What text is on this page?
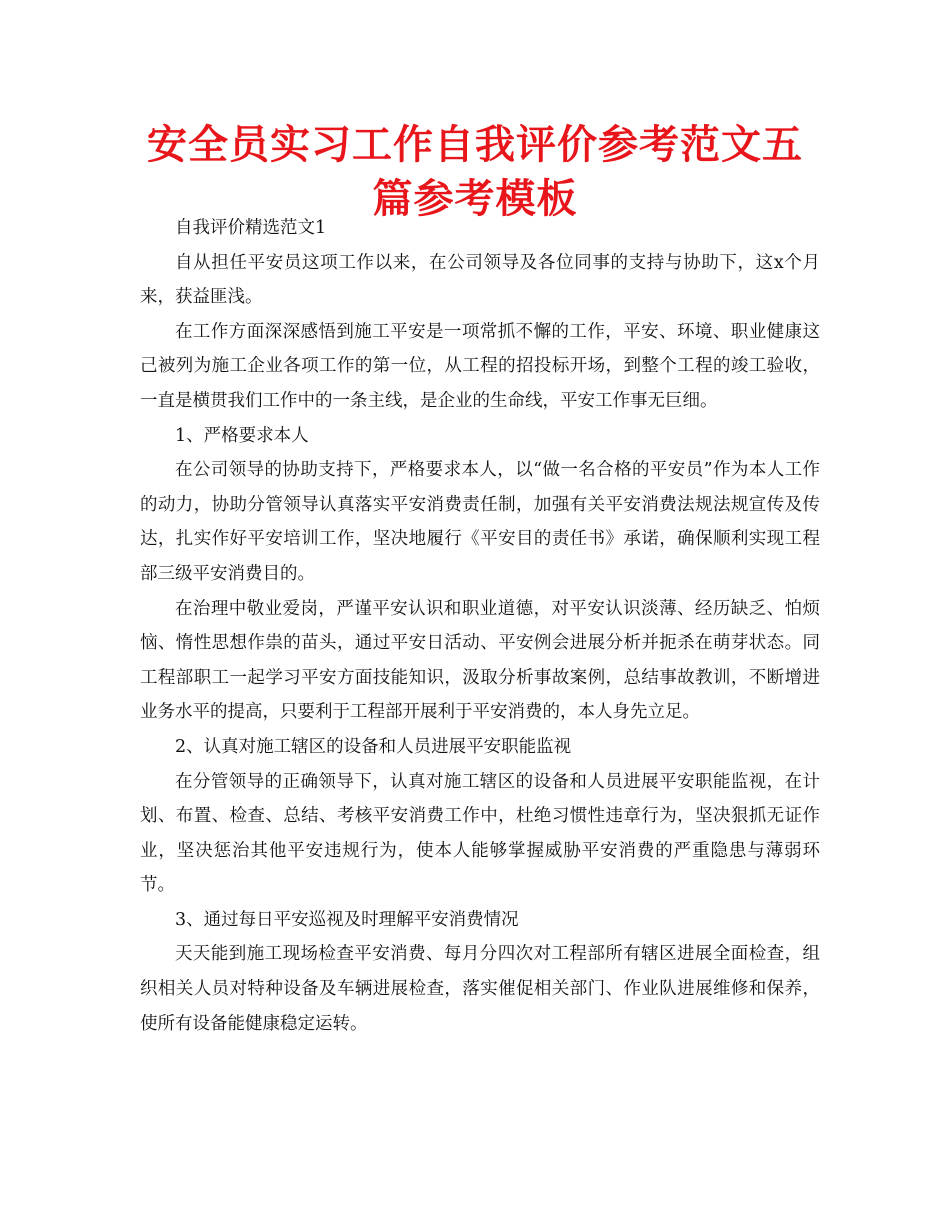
安全员实习工作自我评价参考范文五篇参考模板

自我评价精选范文1

自从担任平安员这项工作以来，在公司领导及各位同事的支持与协助下，这x个月来，获益匪浅。

在工作方面深深感悟到施工平安是一项常抓不懈的工作，平安、环境、职业健康这己被列为施工企业各项工作的第一位，从工程的招投标开场，到整个工程的竣工验收，一直是横贯我们工作中的一条主线，是企业的生命线，平安工作事无巨细。

1、严格要求本人

在公司领导的协助支持下，严格要求本人，以“做一名合格的平安员”作为本人工作的动力，协助分管领导认真落实平安消费责任制，加强有关平安消费法规法规宣传及传达，扎实作好平安培训工作，坚决地履行《平安目的责任书》承诺，确保顺利实现工程部三级平安消费目的。

在治理中敬业爱岗，严谨平安认识和职业道德，对平安认识淡薄、经历缺乏、怕烦恼、惰性思想作祟的苗头，通过平安日活动、平安例会进展分析并扼杀在萌芽状态。同工程部职工一起学习平安方面技能知识，汲取分析事故案例，总结事故教训，不断增进业务水平的提高，只要利于工程部开展利于平安消费的，本人身先立足。

2、认真对施工辖区的设备和人员进展平安职能监视

在分管领导的正确领导下，认真对施工辖区的设备和人员进展平安职能监视，在计划、布置、检查、总结、考核平安消费工作中，杜绝习惯性违章行为，坚决狠抓无证作业，坚决惩治其他平安违规行为，使本人能够掌握威胁平安消费的严重隐患与薄弱环节。

3、通过每日平安巡视及时理解平安消费情况

天天能到施工现场检查平安消费、每月分四次对工程部所有辖区进展全面检查，组织相关人员对特种设备及车辆进展检查，落实催促相关部门、作业队进展维修和保养，使所有设备能健康稳定运转。
